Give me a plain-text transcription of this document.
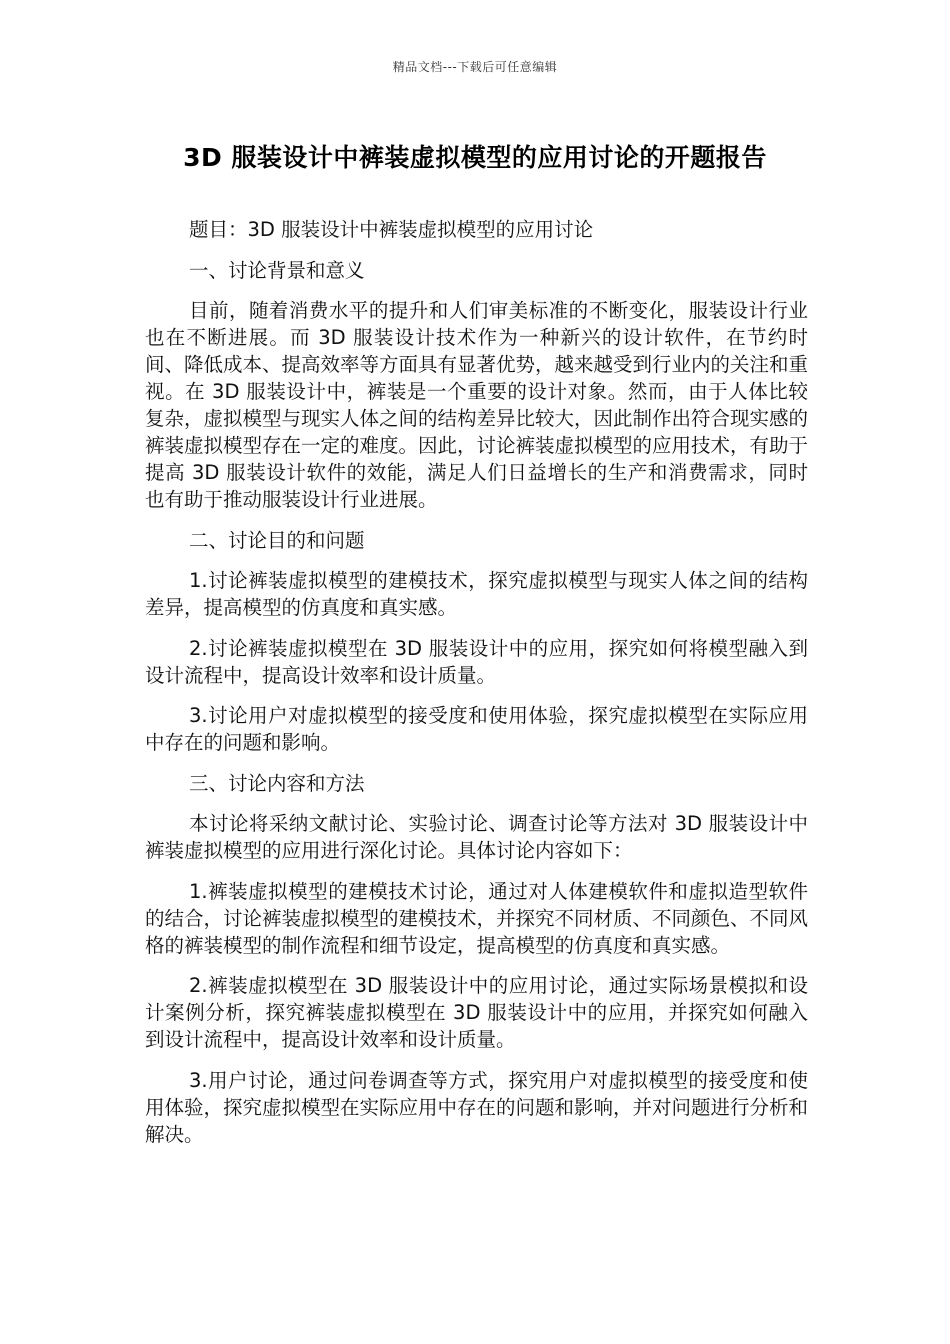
精品文档---下载后可任意编辑
3D 服装设计中裤装虚拟模型的应用讨论的开题报告

题目：3D 服装设计中裤装虚拟模型的应用讨论

一、讨论背景和意义

目前，随着消费水平的提升和人们审美标准的不断变化，服装设计行业也在不断进展。而 3D 服装设计技术作为一种新兴的设计软件，在节约时间、降低成本、提高效率等方面具有显著优势，越来越受到行业内的关注和重视。在 3D 服装设计中，裤装是一个重要的设计对象。然而，由于人体比较复杂，虚拟模型与现实人体之间的结构差异比较大，因此制作出符合现实感的裤装虚拟模型存在一定的难度。因此，讨论裤装虚拟模型的应用技术，有助于提高 3D 服装设计软件的效能，满足人们日益增长的生产和消费需求，同时也有助于推动服装设计行业进展。

二、讨论目的和问题

1.讨论裤装虚拟模型的建模技术，探究虚拟模型与现实人体之间的结构差异，提高模型的仿真度和真实感。

2.讨论裤装虚拟模型在 3D 服装设计中的应用，探究如何将模型融入到设计流程中，提高设计效率和设计质量。

3.讨论用户对虚拟模型的接受度和使用体验，探究虚拟模型在实际应用中存在的问题和影响。

三、讨论内容和方法

本讨论将采纳文献讨论、实验讨论、调查讨论等方法对 3D 服装设计中裤装虚拟模型的应用进行深化讨论。具体讨论内容如下：

1.裤装虚拟模型的建模技术讨论，通过对人体建模软件和虚拟造型软件的结合，讨论裤装虚拟模型的建模技术，并探究不同材质、不同颜色、不同风格的裤装模型的制作流程和细节设定，提高模型的仿真度和真实感。

2.裤装虚拟模型在 3D 服装设计中的应用讨论，通过实际场景模拟和设计案例分析，探究裤装虚拟模型在 3D 服装设计中的应用，并探究如何融入到设计流程中，提高设计效率和设计质量。

3.用户讨论，通过问卷调查等方式，探究用户对虚拟模型的接受度和使用体验，探究虚拟模型在实际应用中存在的问题和影响，并对问题进行分析和解决。
